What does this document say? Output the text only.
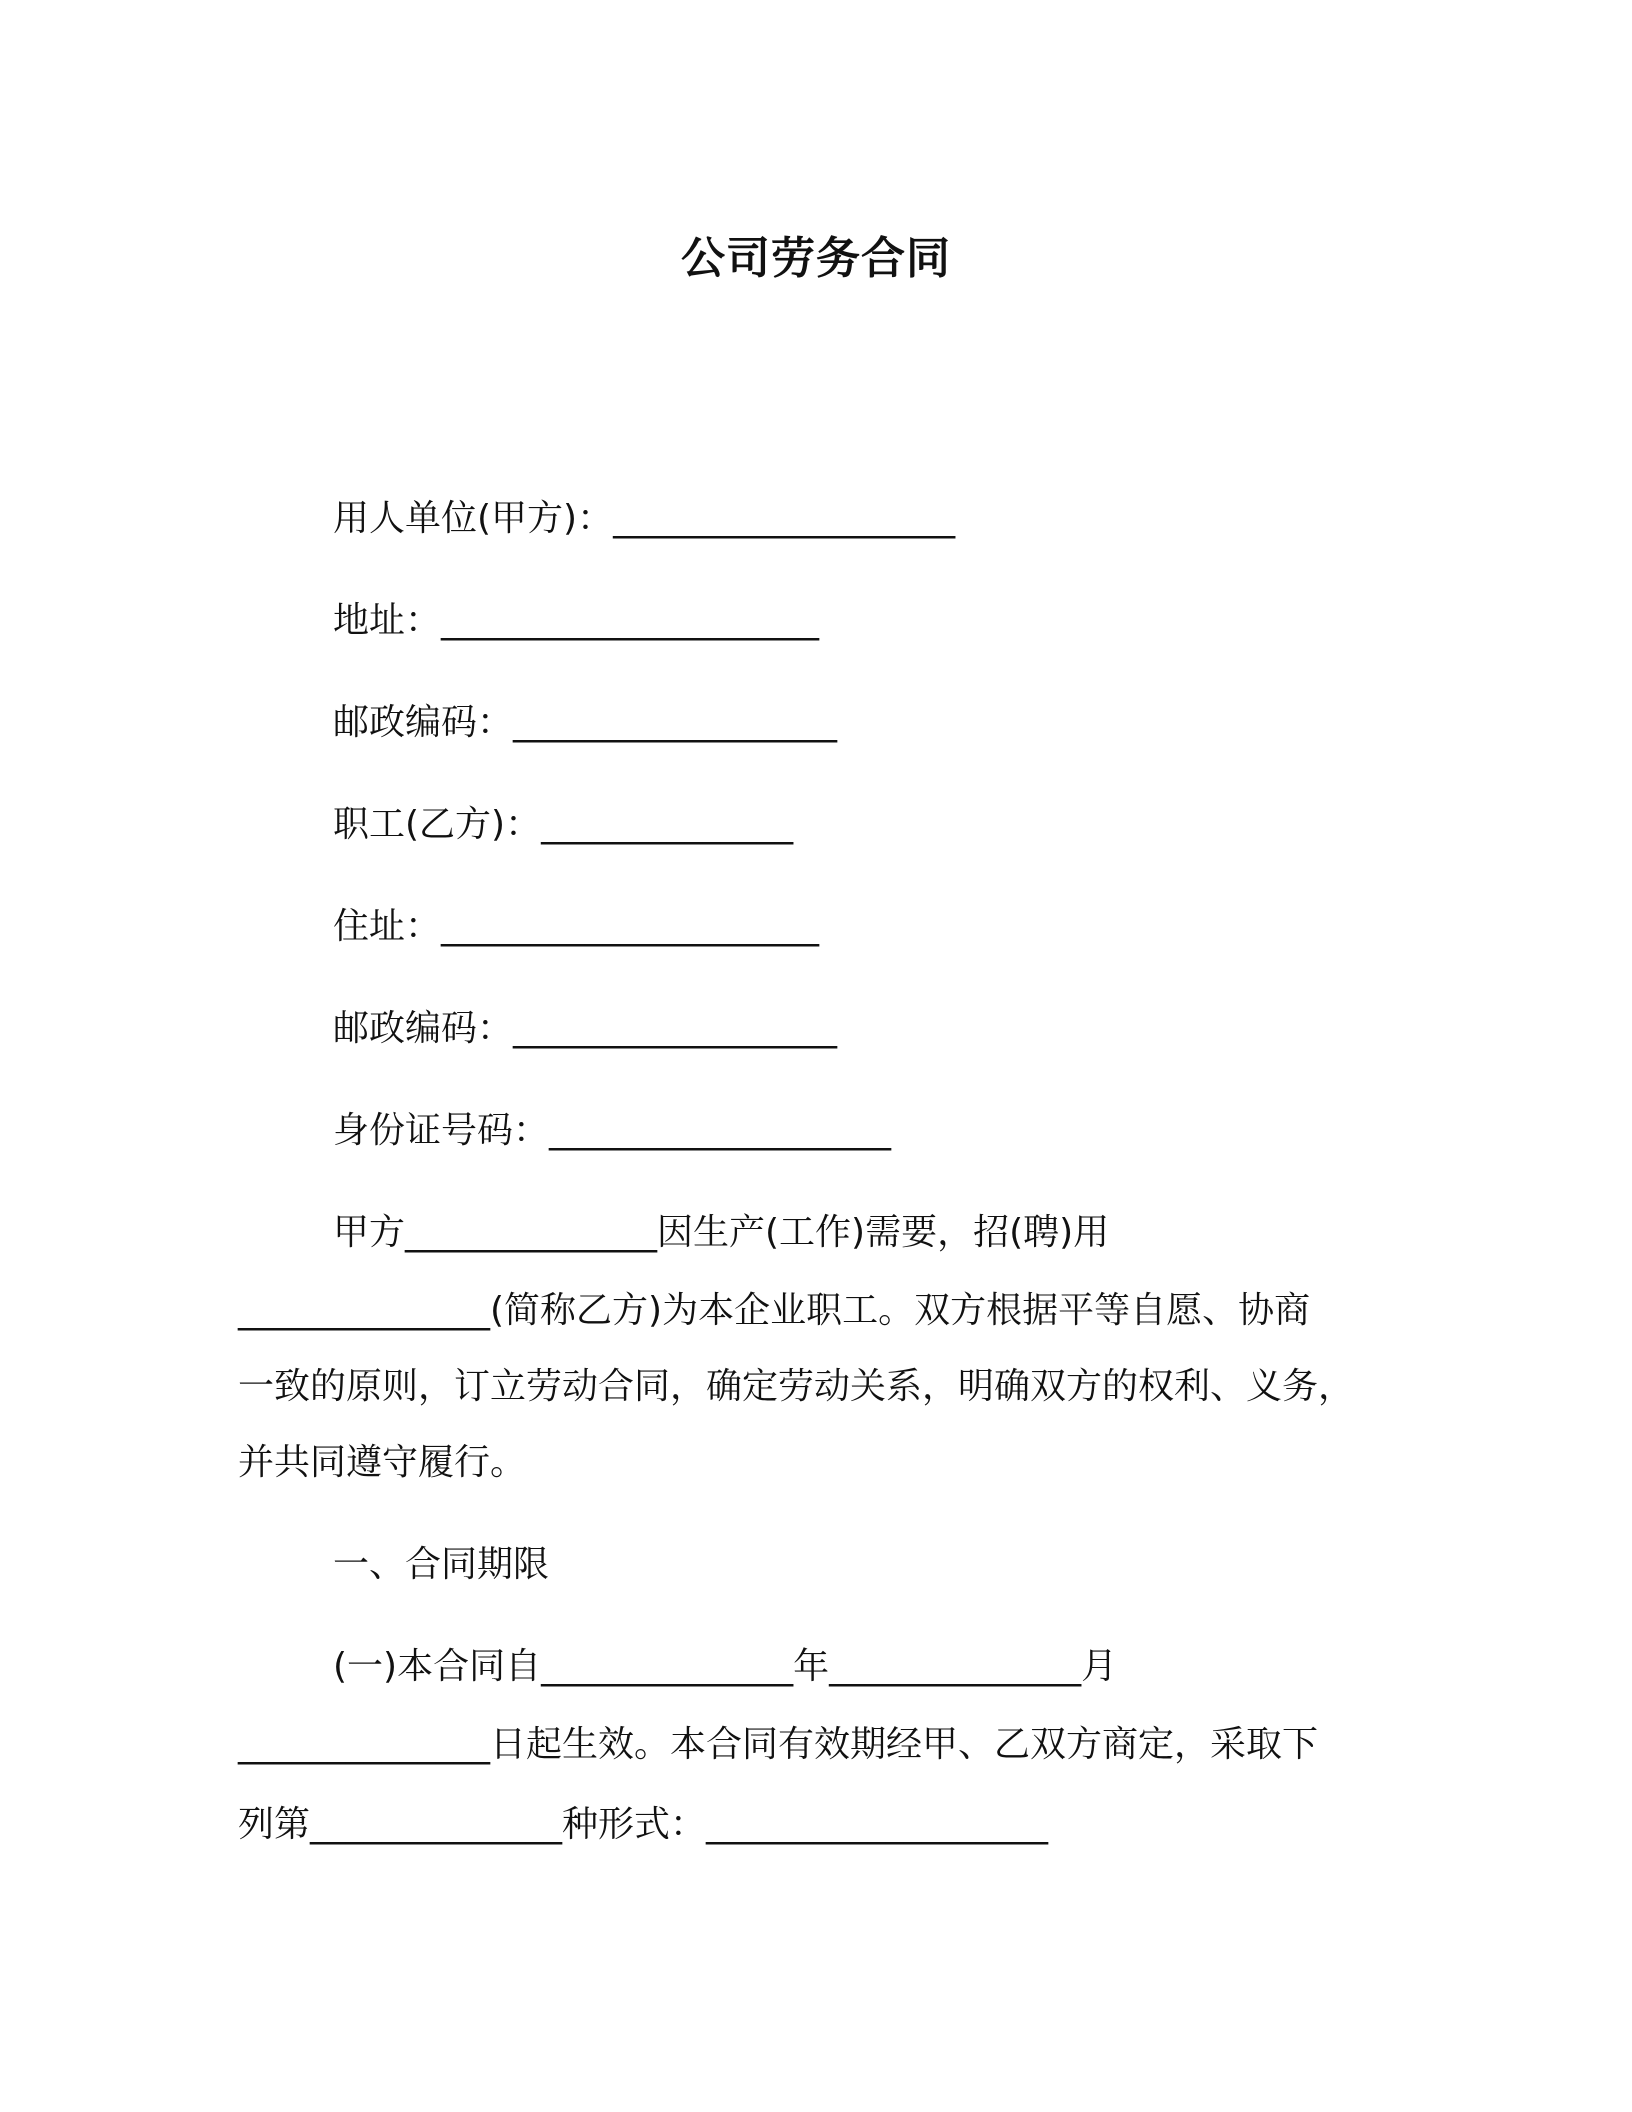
公司劳务合同
用人单位(甲方)：___________________
地址：_____________________
邮政编码：__________________
职工(乙方)：______________
住址：_____________________
邮政编码：__________________
身份证号码：___________________
甲方______________因生产(工作)需要，招(聘)用
______________(简称乙方)为本企业职工。双方根据平等自愿、协商
一致的原则，订立劳动合同，确定劳动关系，明确双方的权利、义务，
并共同遵守履行。
一、合同期限
(一)本合同自______________年______________月
______________日起生效。本合同有效期经甲、乙双方商定，采取下
列第______________种形式：___________________
